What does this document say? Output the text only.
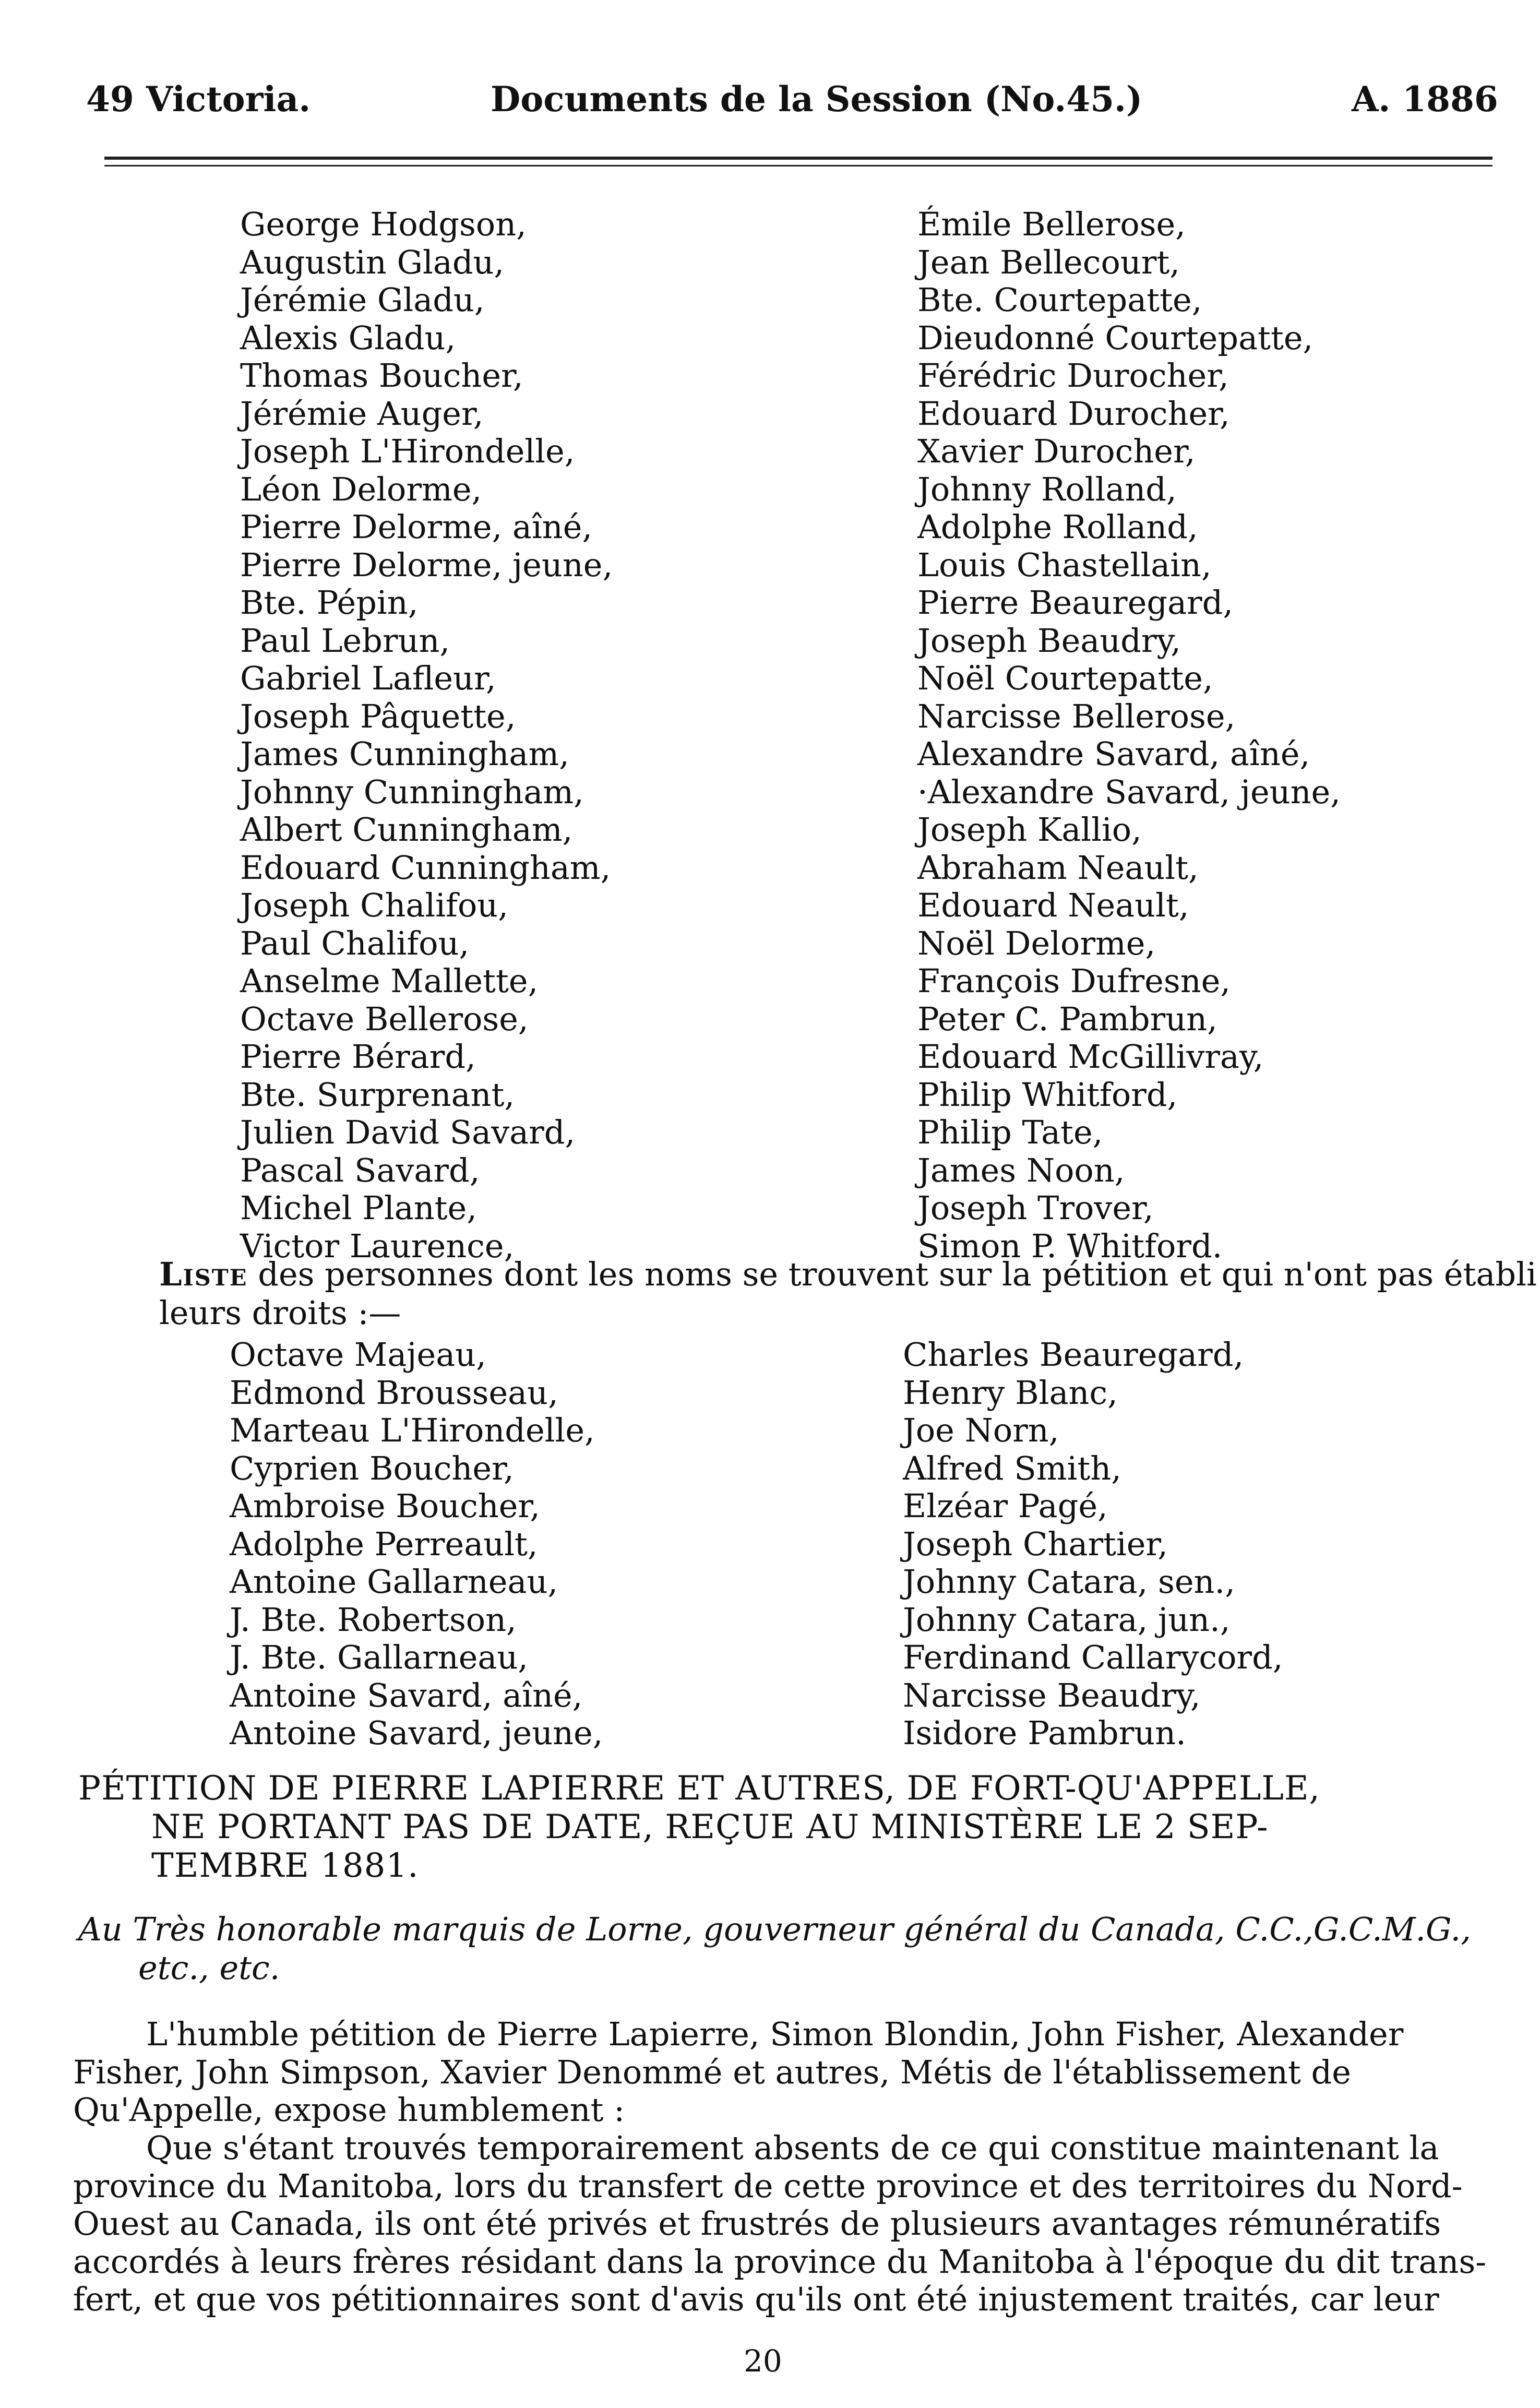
49 Victoria.	Documents de la Session (No.45.)	A. 1886
George Hodgson,
Augustin Gladu,
Jérémie Gladu,
Alexis Gladu,
Thomas Boucher,
Jérémie Auger,
Joseph L'Hirondelle,
Léon Delorme,
Pierre Delorme, aîné,
Pierre Delorme, jeune,
Bte. Pépin,
Paul Lebrun,
Gabriel Lafleur,
Joseph Pâquette,
James Cunningham,
Johnny Cunningham,
Albert Cunningham,
Edouard Cunningham,
Joseph Chalifou,
Paul Chalifou,
Anselme Mallette,
Octave Bellerose,
Pierre Bérard,
Bte. Surprenant,
Julien David Savard,
Pascal Savard,
Michel Plante,
Victor Laurence,
Émile Bellerose,
Jean Bellecourt,
Bte. Courtepatte,
Dieudonné Courtepatte,
Férédric Durocher,
Edouard Durocher,
Xavier Durocher,
Johnny Rolland,
Adolphe Rolland,
Louis Chastellain,
Pierre Beauregard,
Joseph Beaudry,
Noël Courtepatte,
Narcisse Bellerose,
Alexandre Savard, aîné,
·Alexandre Savard, jeune,
Joseph Kallio,
Abraham Neault,
Edouard Neault,
Noël Delorme,
François Dufresne,
Peter C. Pambrun,
Edouard McGillivray,
Philip Whitford,
Philip Tate,
James Noon,
Joseph Trover,
Simon P. Whitford.
Liste des personnes dont les noms se trouvent sur la pétition et qui n'ont pas établi
leurs droits :—
Octave Majeau,
Edmond Brousseau,
Marteau L'Hirondelle,
Cyprien Boucher,
Ambroise Boucher,
Adolphe Perreault,
Antoine Gallarneau,
J. Bte. Robertson,
J. Bte. Gallarneau,
Antoine Savard, aîné,
Antoine Savard, jeune,
Charles Beauregard,
Henry Blanc,
Joe Norn,
Alfred Smith,
Elzéar Pagé,
Joseph Chartier,
Johnny Catara, sen.,
Johnny Catara, jun.,
Ferdinand Callarycord,
Narcisse Beaudry,
Isidore Pambrun.
PÉTITION DE PIERRE LAPIERRE ET AUTRES, DE FORT-QU'APPELLE,
NE PORTANT PAS DE DATE, REÇUE AU MINISTÈRE LE 2 SEP-
TEMBRE 1881.
Au Très honorable marquis de Lorne, gouverneur général du Canada, C.C.,G.C.M.G.,
etc., etc.
L'humble pétition de Pierre Lapierre, Simon Blondin, John Fisher, Alexander
Fisher, John Simpson, Xavier Denommé et autres, Métis de l'établissement de
Qu'Appelle, expose humblement :
Que s'étant trouvés temporairement absents de ce qui constitue maintenant la
province du Manitoba, lors du transfert de cette province et des territoires du Nord-
Ouest au Canada, ils ont été privés et frustrés de plusieurs avantages rémunératifs
accordés à leurs frères résidant dans la province du Manitoba à l'époque du dit trans-
fert, et que vos pétitionnaires sont d'avis qu'ils ont été injustement traités, car leur
20
